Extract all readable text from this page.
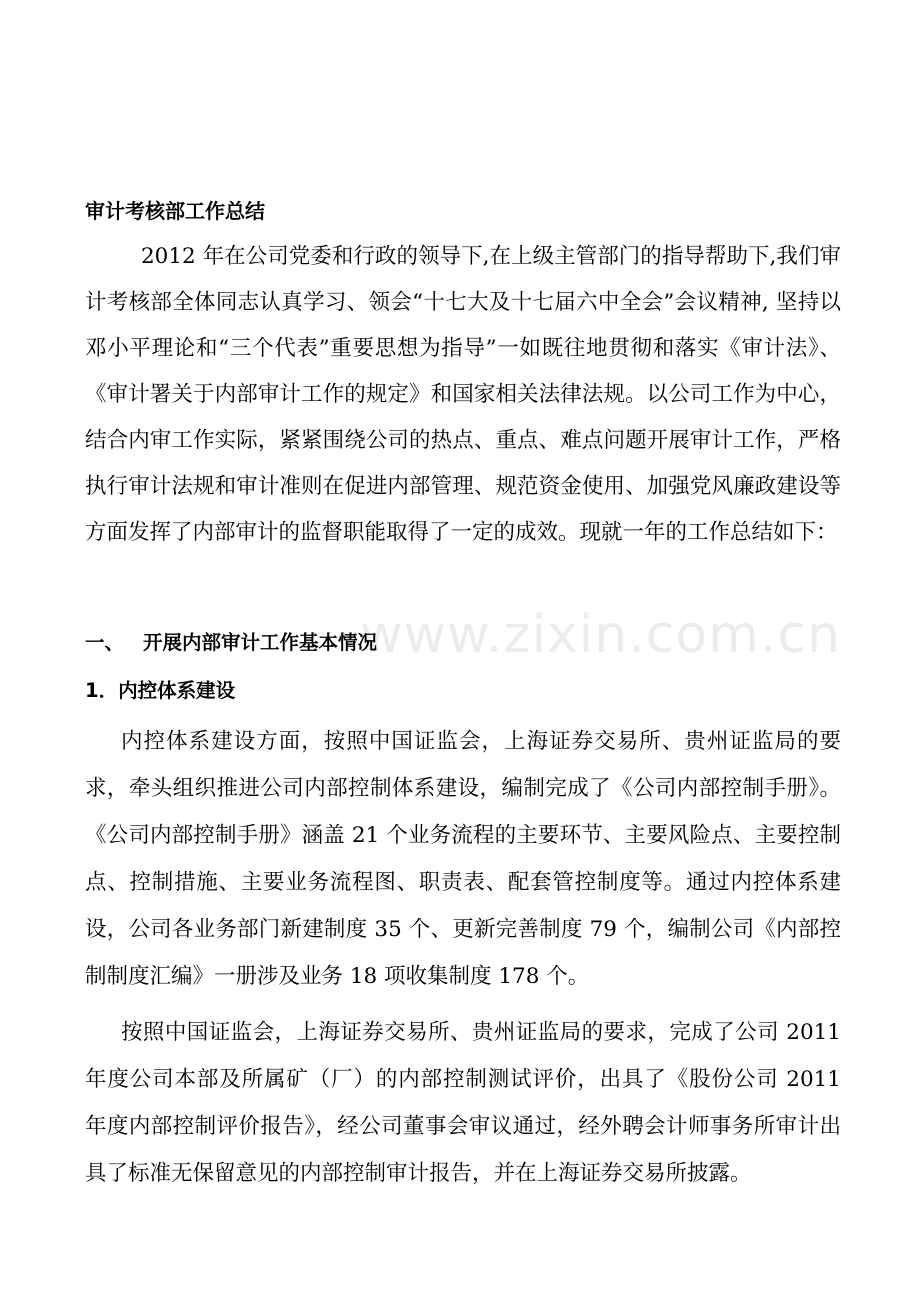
www.zixin.com.cn
审计考核部工作总结

2012 年在公司党委和行政的领导下,在上级主管部门的指导帮助下,我们审计考核部全体同志认真学习、领会“十七大及十七届六中全会”会议精神, 坚持以邓小平理论和“三个代表”重要思想为指导”一如既往地贯彻和落实《审计法》、《审计署关于内部审计工作的规定》和国家相关法律法规。以公司工作为中心，结合内审工作实际，紧紧围绕公司的热点、重点、难点问题开展审计工作，严格执行审计法规和审计准则在促进内部管理、规范资金使用、加强党风廉政建设等方面发挥了内部审计的监督职能取得了一定的成效。现就一年的工作总结如下：

一、 开展内部审计工作基本情况
1．内控体系建设

内控体系建设方面，按照中国证监会，上海证券交易所、贵州证监局的要求，牵头组织推进公司内部控制体系建设，编制完成了《公司内部控制手册》。《公司内部控制手册》涵盖 21 个业务流程的主要环节、主要风险点、主要控制点、控制措施、主要业务流程图、职责表、配套管控制度等。通过内控体系建设，公司各业务部门新建制度 35 个、更新完善制度 79 个，编制公司《内部控制制度汇编》一册涉及业务 18 项收集制度 178 个。

按照中国证监会，上海证券交易所、贵州证监局的要求，完成了公司 2011 年度公司本部及所属矿（厂）的内部控制测试评价，出具了《股份公司 2011 年度内部控制评价报告》，经公司董事会审议通过，经外聘会计师事务所审计出具了标准无保留意见的内部控制审计报告，并在上海证券交易所披露。
